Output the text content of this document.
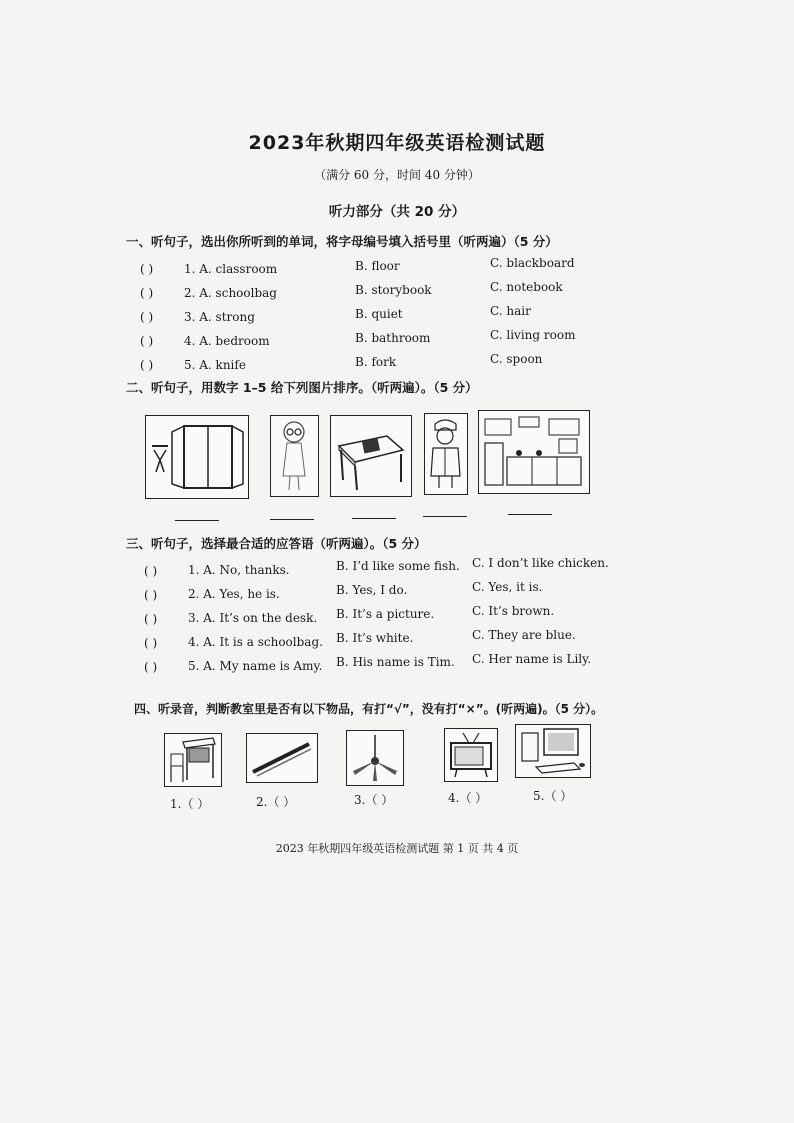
2023年秋期四年级英语检测试题
（满分 60 分，时间 40 分钟）
听力部分（共 20 分）
一、听句子，选出你所听到的单词，将字母编号填入括号里（听两遍）（5 分）
( )	1. A. classroom	B. floor	C. blackboard
( )	2. A. schoolbag	B. storybook	C. notebook
( )	3. A. strong	B. quiet	C. hair
( )	4. A. bedroom	B. bathroom	C. living room
( )	5. A. knife	B. fork	C. spoon
二、听句子，用数字 1–5 给下列图片排序。（听两遍）。（5 分）
三、听句子，选择最合适的应答语（听两遍）。（5 分）
( )	1. A. No, thanks.	B. I’d like some fish. C. I don’t like chicken.
( )	2. A. Yes, he is.	B. Yes, I do.	C. Yes, it is.
( )	3. A. It’s on the desk. B. It’s a picture.	C. It’s brown.
( )	4. A. It is a schoolbag. B. It’s white.	C. They are blue.
( )	5. A. My name is Amy. B. His name is Tim. C. Her name is Lily.
四、听录音，判断教室里是否有以下物品，有打“√”，没有打“×”。(听两遍)。（5 分）。
1.（ ）	2.（ ）	3.（ ）	4.（ ）	5.（ ）
2023 年秋期四年级英语检测试题 第 1 页 共 4 页
